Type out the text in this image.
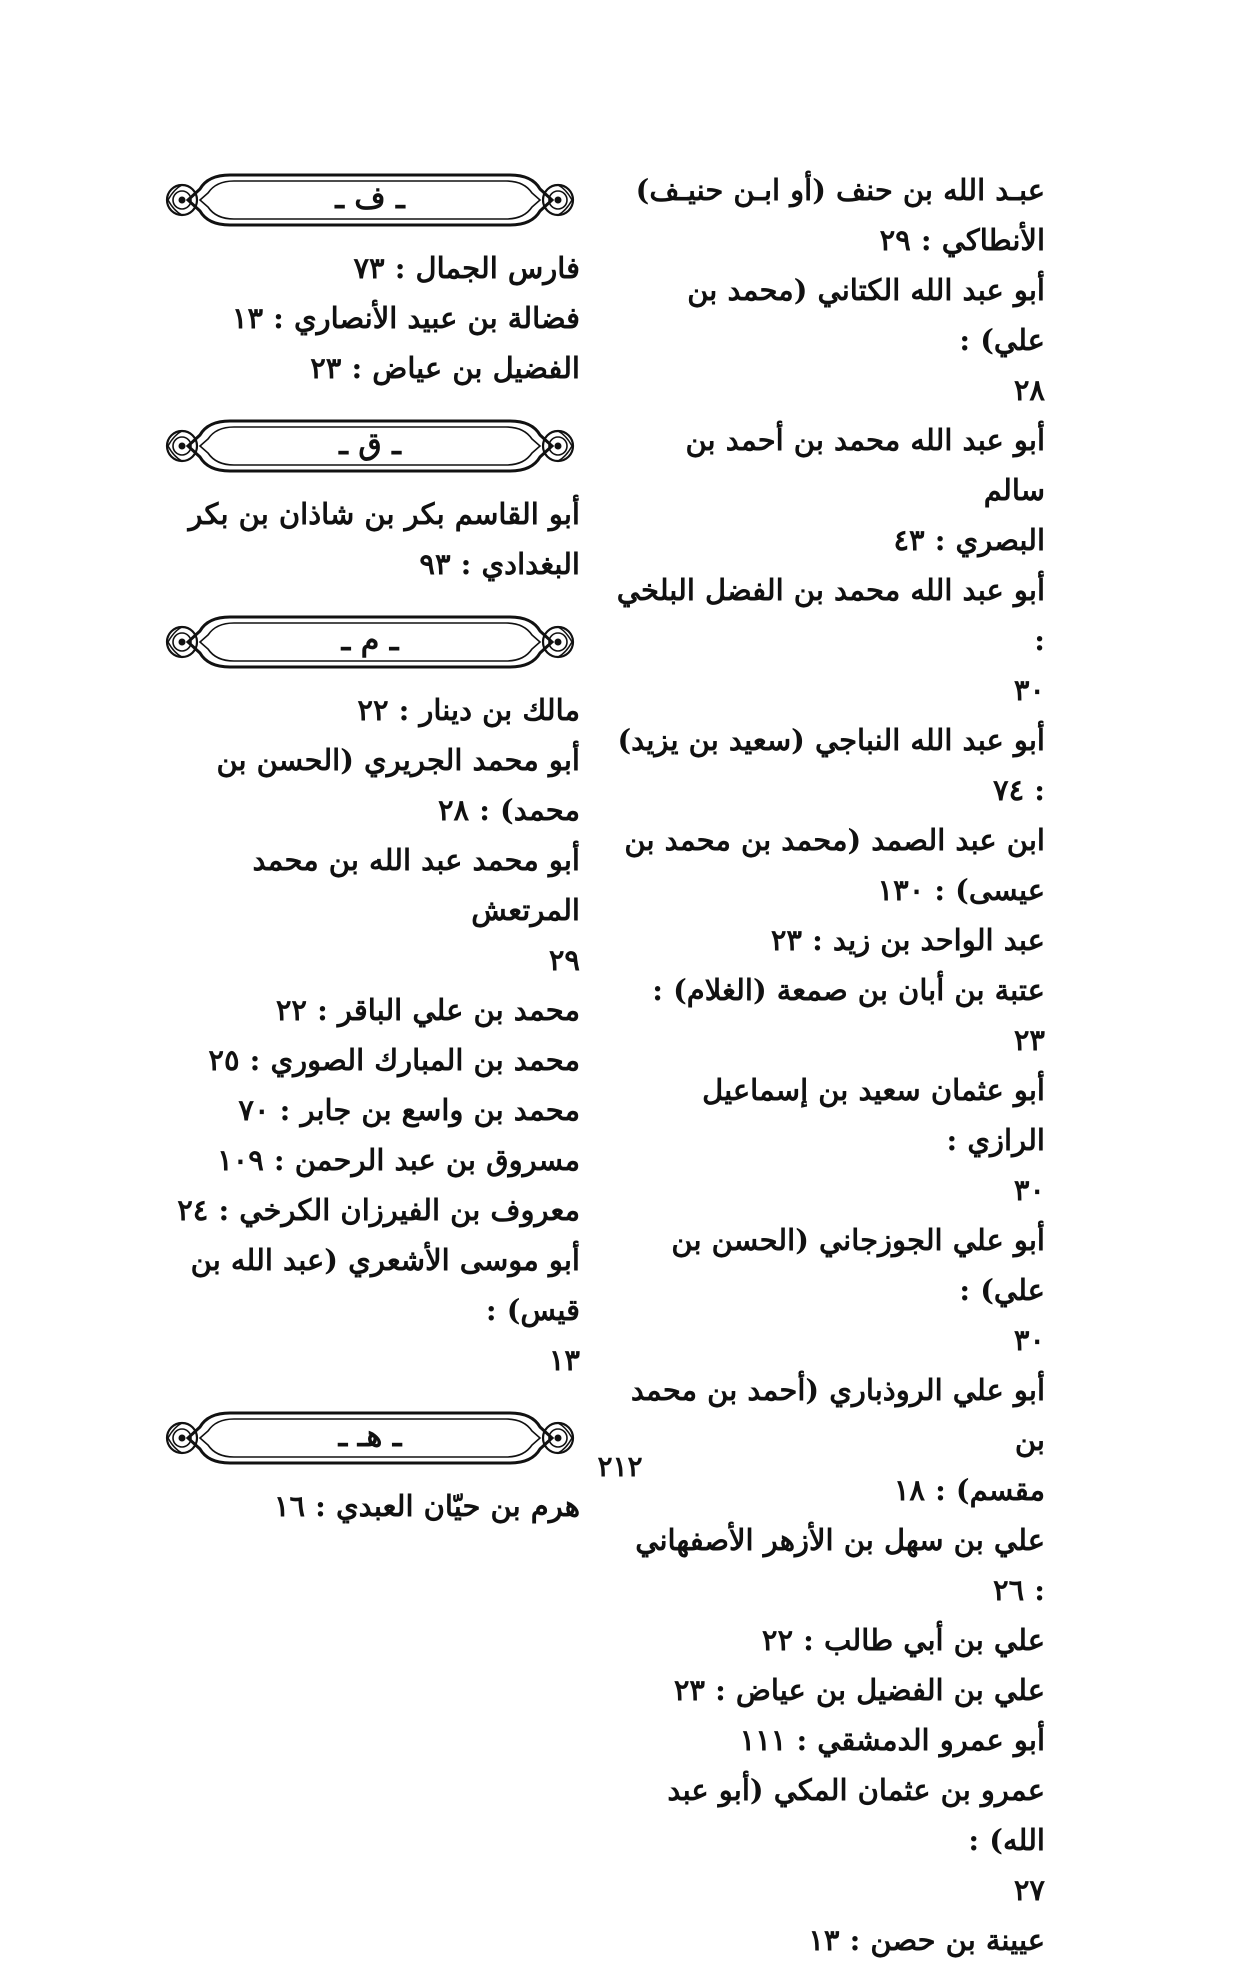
عبـد الله بن حنف (أو ابـن حنيـف)
الأنطاكي : ٢٩

أبو عبد الله الكتاني (محمد بن علي) :
٢٨

أبو عبد الله محمد بن أحمد بن سالم
البصري : ٤٣

أبو عبد الله محمد بن الفضل البلخي :
٣٠

أبو عبد الله النباجي (سعيد بن يزيد) : ٧٤

ابن عبد الصمد (محمد بن محمد بن
عيسى) : ١٣٠

عبد الواحد بن زيد : ٢٣

عتبة بن أبان بن صمعة (الغلام) : ٢٣

أبو عثمان سعيد بن إسماعيل الرازي :
٣٠

أبو علي الجوزجاني (الحسن بن علي) :
٣٠

أبو علي الروذباري (أحمد بن محمد بن
مقسم) : ١٨

علي بن سهل بن الأزهر الأصفهاني : ٢٦

علي بن أبي طالب : ٢٢

علي بن الفضيل بن عياض : ٢٣

أبو عمرو الدمشقي : ١١١

عمرو بن عثمان المكي (أبو عبد الله) :
٢٧

عيينة بن حصن : ١٣

ـ ف ـ

فارس الجمال : ٧٣

فضالة بن عبيد الأنصاري : ١٣

الفضيل بن عياض : ٢٣

ـ ق ـ

أبو القاسم بكر بن شاذان بن بكر
البغدادي : ٩٣

ـ م ـ

مالك بن دينار : ٢٢

أبو محمد الجريري (الحسن بن
محمد) : ٢٨

أبو محمد عبد الله بن محمد المرتعش
٢٩

محمد بن علي الباقر : ٢٢

محمد بن المبارك الصوري : ٢٥

محمد بن واسع بن جابر : ٧٠

مسروق بن عبد الرحمن : ١٠٩

معروف بن الفيرزان الكرخي : ٢٤

أبو موسى الأشعري (عبد الله بن قيس) :
١٣

ـ هـ ـ

هرم بن حيّان العبدي : ١٦

٢١٢
